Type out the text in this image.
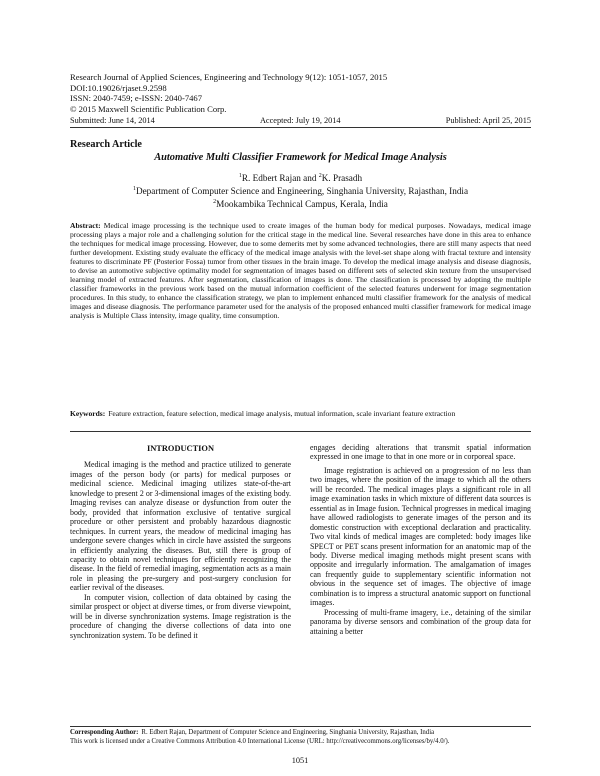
Research Journal of Applied Sciences, Engineering and Technology 9(12): 1051-1057, 2015
DOI:10.19026/rjaset.9.2598
ISSN: 2040-7459; e-ISSN: 2040-7467
© 2015 Maxwell Scientific Publication Corp.
Submitted: June 14, 2014	Accepted: July 19, 2014	Published: April 25, 2015
Research Article
Automative Multi Classifier Framework for Medical Image Analysis
$^1$R. Edbert Rajan and $^2$K. Prasadh
$^1$Department of Computer Science and Engineering, Singhania University, Rajasthan, India
$^2$Mookambika Technical Campus, Kerala, India
Abstract: Medical image processing is the technique used to create images of the human body for medical purposes. Nowadays, medical image processing plays a major role and a challenging solution for the critical stage in the medical line. Several researches have done in this area to enhance the techniques for medical image processing. However, due to some demerits met by some advanced technologies, there are still many aspects that need further development. Existing study evaluate the efficacy of the medical image analysis with the level-set shape along with fractal texture and intensity features to discriminate PF (Posterior Fossa) tumor from other tissues in the brain image. To develop the medical image analysis and disease diagnosis, to devise an automotive subjective optimality model for segmentation of images based on different sets of selected skin texture from the unsupervised learning model of extracted features. After segmentation, classification of images is done. The classification is processed by adopting the multiple classifier frameworks in the previous work based on the mutual information coefficient of the selected features underwent for image segmentation procedures. In this study, to enhance the classification strategy, we plan to implement enhanced multi classifier framework for the analysis of medical images and disease diagnosis. The performance parameter used for the analysis of the proposed enhanced multi classifier framework for medical image analysis is Multiple Class intensity, image quality, time consumption.
Keywords: Feature extraction, feature selection, medical image analysis, mutual information, scale invariant feature extraction
INTRODUCTION

Medical imaging is the method and practice utilized to generate images of the person body (or parts) for medical purposes or medicinal science. Medicinal imaging utilizes state-of-the-art knowledge to present 2 or 3-dimensional images of the existing body. Imaging revises can analyze disease or dysfunction from outer the body, provided that information exclusive of tentative surgical procedure or other persistent and probably hazardous diagnostic techniques. In current years, the meadow of medicinal imaging has undergone severe changes which in circle have assisted the surgeons in efficiently analyzing the diseases. But, still there is group of capacity to obtain novel techniques for efficiently recognizing the disease. In the field of remedial imaging, segmentation acts as a main role in pleasing the pre-surgery and post-surgery conclusion for earlier revival of the diseases.

In computer vision, collection of data obtained by casing the similar prospect or object at diverse times, or from diverse viewpoint, will be in diverse synchronization systems. Image registration is the procedure of changing the diverse collections of data into one synchronization system. To be defined it

engages deciding alterations that transmit spatial information expressed in one image to that in one more or in corporeal space.

Image registration is achieved on a progression of no less than two images, where the position of the image to which all the others will be recorded. The medical images plays a significant role in all image examination tasks in which mixture of different data sources is essential as in Image fusion. Technical progresses in medical imaging have allowed radiologists to generate images of the person and its domestic construction with exceptional declaration and practicality. Two vital kinds of medical images are completed: body images like SPECT or PET scans present information for an anatomic map of the body. Diverse medical imaging methods might present scans with opposite and irregularly information. The amalgamation of images can frequently guide to supplementary scientific information not obvious in the sequence set of images. The objective of image combination is to impress a structural anatomic support on functional images.

Processing of multi-frame imagery, i.e., detaining of the similar panorama by diverse sensors and combination of the group data for attaining a better

Corresponding Author: R. Edbert Rajan, Department of Computer Science and Engineering, Singhania University, Rajasthan, India
This work is licensed under a Creative Commons Attribution 4.0 International License (URL: http://creativecommons.org/licenses/by/4.0/).
1051
